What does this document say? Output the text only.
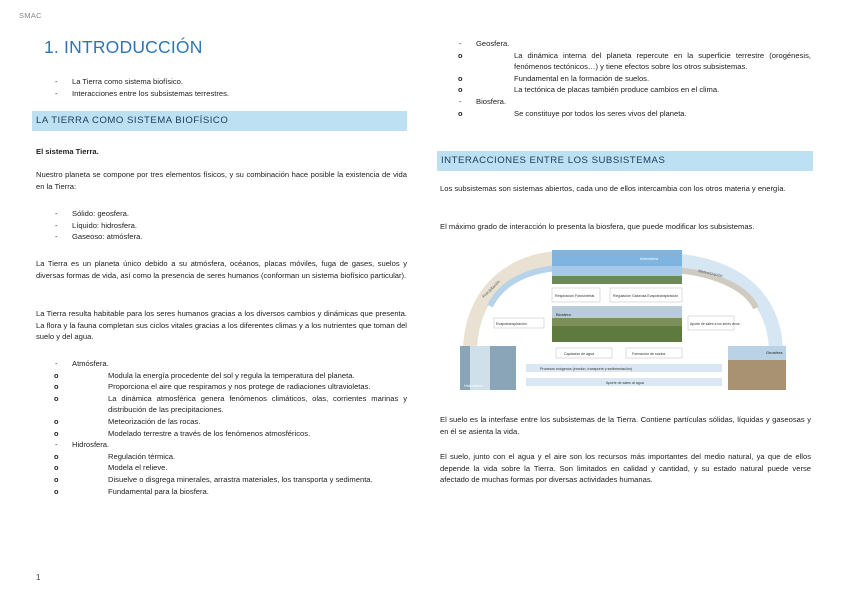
SMAC
1. INTRODUCCIÓN
- La Tierra como sistema biofísico.
- Interacciones entre los subsistemas terrestres.
LA TIERRA COMO SISTEMA BIOFÍSICO
El sistema Tierra.

Nuestro planeta se compone por tres elementos físicos, y su combinación hace posible la existencia de vida en la Tierra:

- Sólido: geosfera.
- Líquido: hidrosfera.
- Gaseoso: atmósfera.

La Tierra es un planeta único debido a su atmósfera, océanos, placas móviles, fuga de gases, suelos y diversas formas de vida, así como la presencia de seres humanos (conforman un sistema biofísico particular).

La Tierra resulta habitable para los seres humanos gracias a los diversos cambios y dinámicas que presenta. La flora y la fauna completan sus ciclos vitales gracias a los diferentes climas y a los nutrientes que toman del suelo y del agua.

- Atmósfera.
o Modula la energía procedente del sol y regula la temperatura del planeta.
o Proporciona el aire que respiramos y nos protege de radiaciones ultravioletas.
o La dinámica atmosférica genera fenómenos climáticos, olas, corrientes marinas y distribución de las precipitaciones.
o Meteorización de las rocas.
o Modelado terrestre a través de los fenómenos atmosféricos.
- Hidrosfera.
o Regulación térmica.
o Modela el relieve.
o Disuelve o disgrega minerales, arrastra materiales, los transporta y sedimenta.
o Fundamental para la biosfera.
1
- Geosfera.
o La dinámica interna del planeta repercute en la superficie terrestre (orogénesis, fenómenos tectónicos…) y tiene efectos sobre los otros subsistemas.
o Fundamental en la formación de suelos.
o La tectónica de placas también produce cambios en el clima.
- Biosfera.
o Se constituye por todos los seres vivos del planeta.
INTERACCIONES ENTRE LOS SUBSISTEMAS

Los subsistemas son sistemas abiertos, cada uno de ellos intercambia con los otros materia y energía.

El máximo grado de interacción lo presenta la biosfera, que puede modificar los subsistemas.

Precipitación
Meteorización
Atmósfera
Respiración Fotosíntesis	Regulación Gaseosa Evapotranspiración
Biosfera
Evapotranspiración	Aporte de sales a los seres vivos
Hidrosfera
Geosfera
Captación de agua	Formación de suelos
Procesos exógenos (erosión, transporte y sedimentación)
Aporte de sales al agua

El suelo es la interfase entre los subsistemas de la Tierra. Contiene partículas sólidas, líquidas y gaseosas y en él se asienta la vida.

El suelo, junto con el agua y el aire son los recursos más importantes del medio natural, ya que de ellos depende la vida sobre la Tierra. Son limitados en calidad y cantidad, y su estado natural puede verse afectado de muchas formas por diversas actividades humanas.
